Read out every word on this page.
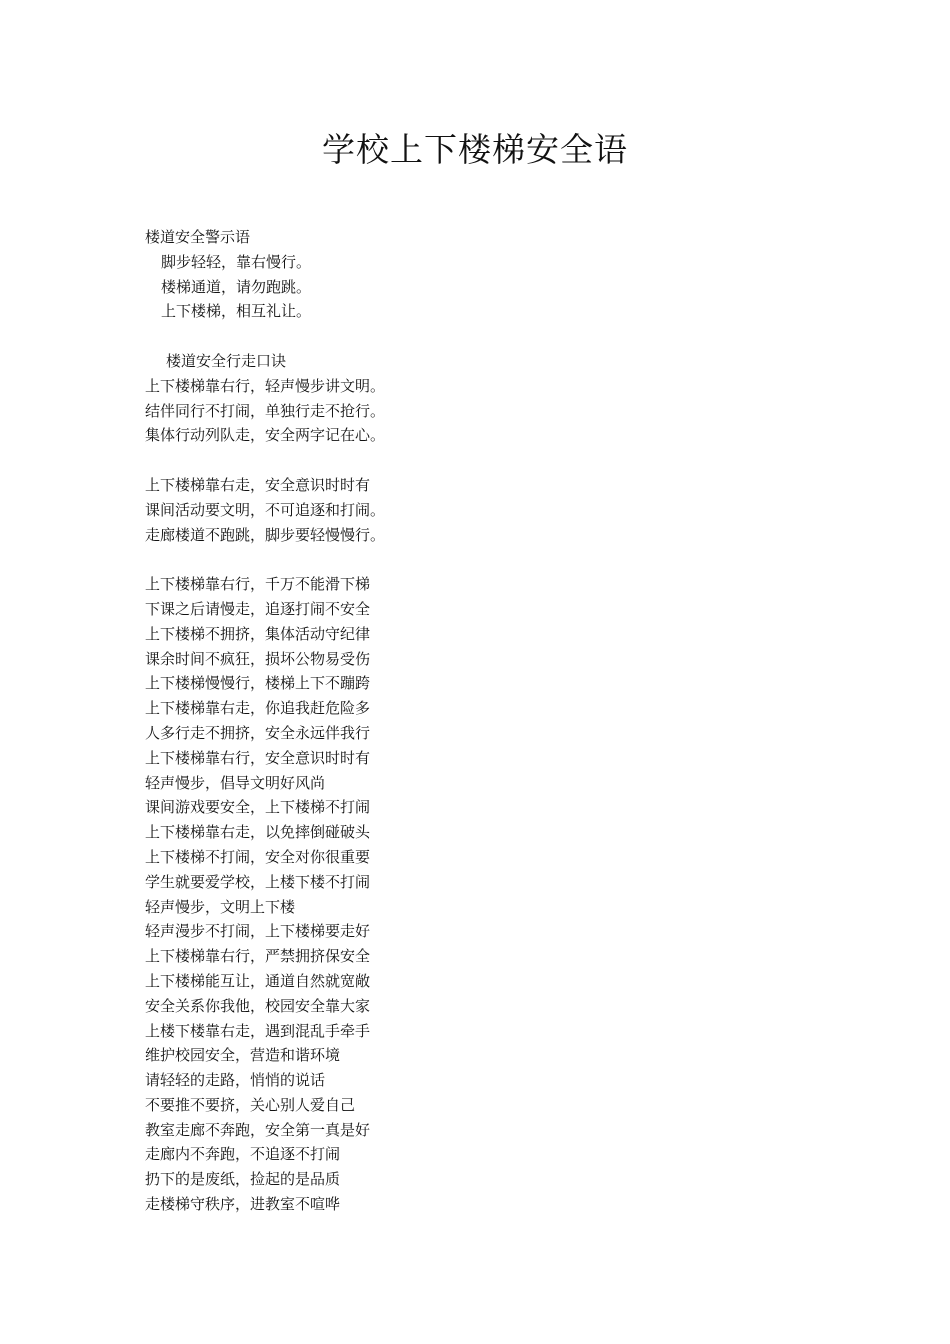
学校上下楼梯安全语
楼道安全警示语
脚步轻轻，靠右慢行。
楼梯通道，请勿跑跳。
上下楼梯，相互礼让。
楼道安全行走口诀
上下楼梯靠右行，轻声慢步讲文明。
结伴同行不打闹，单独行走不抢行。
集体行动列队走，安全两字记在心。
上下楼梯靠右走，安全意识时时有
课间活动要文明，不可追逐和打闹。
走廊楼道不跑跳，脚步要轻慢慢行。
上下楼梯靠右行，千万不能滑下梯
下课之后请慢走，追逐打闹不安全
上下楼梯不拥挤，集体活动守纪律
课余时间不疯狂，损坏公物易受伤
上下楼梯慢慢行，楼梯上下不蹦跨
上下楼梯靠右走，你追我赶危险多
人多行走不拥挤，安全永远伴我行
上下楼梯靠右行，安全意识时时有
轻声慢步，倡导文明好风尚
课间游戏要安全，上下楼梯不打闹
上下楼梯靠右走，以免摔倒碰破头
上下楼梯不打闹，安全对你很重要
学生就要爱学校，上楼下楼不打闹
轻声慢步，文明上下楼
轻声漫步不打闹，上下楼梯要走好
上下楼梯靠右行，严禁拥挤保安全
上下楼梯能互让，通道自然就宽敞
安全关系你我他，校园安全靠大家
上楼下楼靠右走，遇到混乱手牵手
维护校园安全，营造和谐环境
请轻轻的走路，悄悄的说话
不要推不要挤，关心别人爱自己
教室走廊不奔跑，安全第一真是好
走廊内不奔跑，不追逐不打闹
扔下的是废纸，捡起的是品质
走楼梯守秩序，进教室不喧哗
